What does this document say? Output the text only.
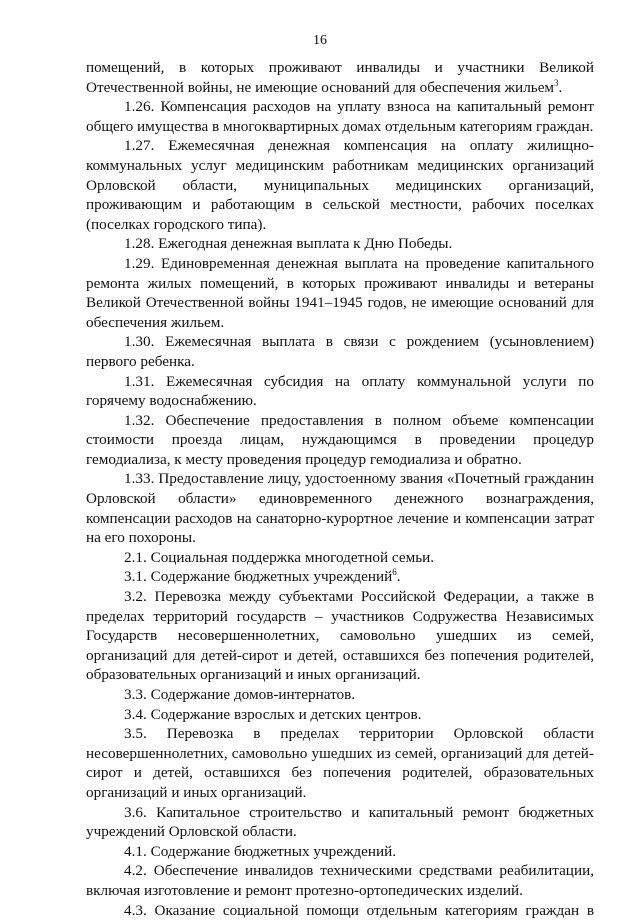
16

помещений, в которых проживают инвалиды и участники Великой Отечественной войны, не имеющие оснований для обеспечения жильем$^3$.

1.26. Компенсация расходов на уплату взноса на капитальный ремонт общего имущества в многоквартирных домах отдельным категориям граждан.

1.27. Ежемесячная денежная компенсация на оплату жилищно-коммунальных услуг медицинским работникам медицинских организаций Орловской области, муниципальных медицинских организаций, проживающим и работающим в сельской местности, рабочих поселках (поселках городского типа).

1.28. Ежегодная денежная выплата к Дню Победы.

1.29. Единовременная денежная выплата на проведение капитального ремонта жилых помещений, в которых проживают инвалиды и ветераны Великой Отечественной войны 1941–1945 годов, не имеющие оснований для обеспечения жильем.

1.30. Ежемесячная выплата в связи с рождением (усыновлением) первого ребенка.

1.31. Ежемесячная субсидия на оплату коммунальной услуги по горячему водоснабжению.

1.32. Обеспечение предоставления в полном объеме компенсации стоимости проезда лицам, нуждающимся в проведении процедур гемодиализа, к месту проведения процедур гемодиализа и обратно.

1.33. Предоставление лицу, удостоенному звания «Почетный гражданин Орловской области» единовременного денежного вознаграждения, компенсации расходов на санаторно-курортное лечение и компенсации затрат на его похороны.

2.1. Социальная поддержка многодетной семьи.

3.1. Содержание бюджетных учреждений$^6$.

3.2. Перевозка между субъектами Российской Федерации, а также в пределах территорий государств – участников Содружества Независимых Государств несовершеннолетних, самовольно ушедших из семей, организаций для детей-сирот и детей, оставшихся без попечения родителей, образовательных организаций и иных организаций.

3.3. Содержание домов-интернатов.

3.4. Содержание взрослых и детских центров.

3.5. Перевозка в пределах территории Орловской области несовершеннолетних, самовольно ушедших из семей, организаций для детей-сирот и детей, оставшихся без попечения родителей, образовательных организаций и иных организаций.

3.6. Капитальное строительство и капитальный ремонт бюджетных учреждений Орловской области.

4.1. Содержание бюджетных учреждений.

4.2. Обеспечение инвалидов техническими средствами реабилитации, включая изготовление и ремонт протезно-ортопедических изделий.

4.3. Оказание социальной помощи отдельным категориям граждан в
